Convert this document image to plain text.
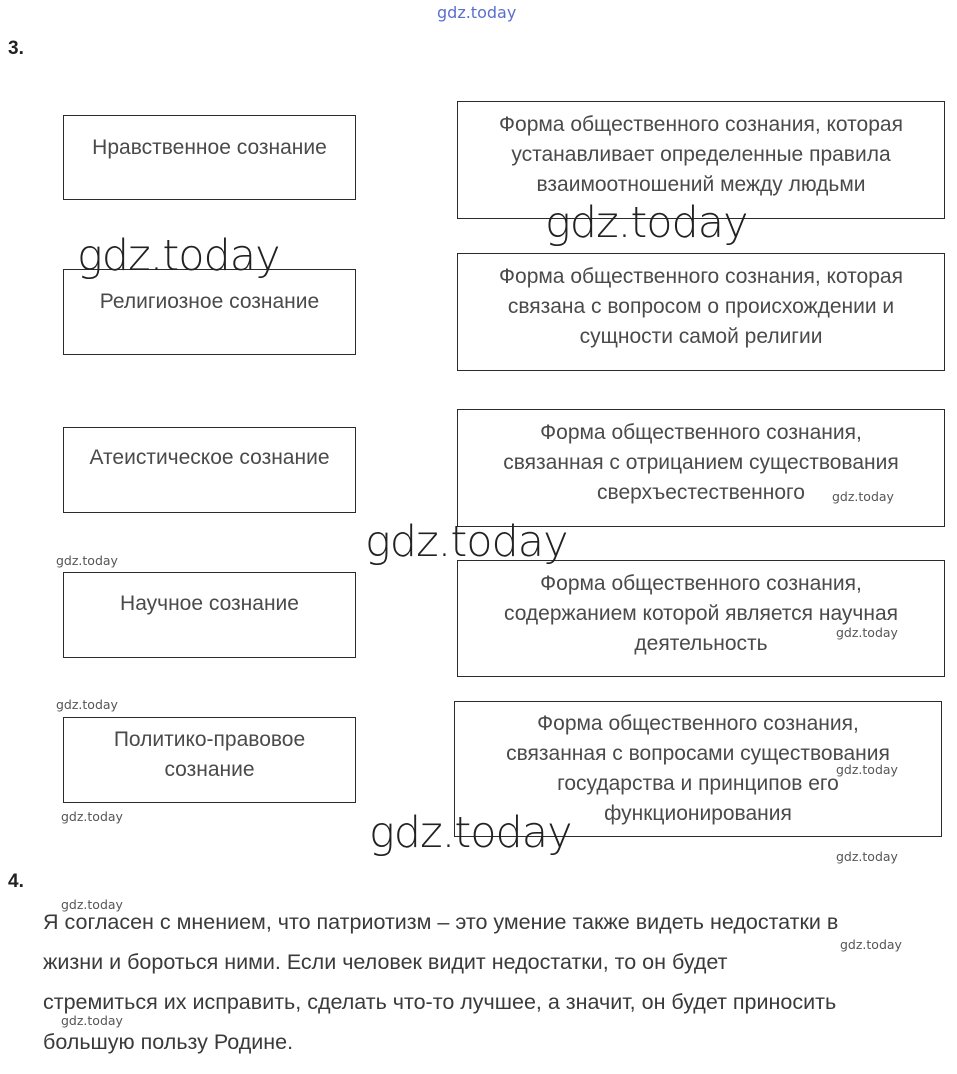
gdz.today
3.
Нравственное сознание
Религиозное сознание
Атеистическое сознание
Научное сознание
Политико-правовое
сознание
Форма общественного сознания, которая
устанавливает определенные правила
взаимоотношений между людьми
Форма общественного сознания, которая
связана с вопросом о происхождении и
сущности самой религии
Форма общественного сознания,
связанная с отрицанием существования
сверхъестественного
Форма общественного сознания,
содержанием которой является научная
деятельность
Форма общественного сознания,
связанная с вопросами существования
государства и принципов его
функционирования
gdz.today
gdz.today
gdz.today
gdz.today
gdz.today
gdz.today
gdz.today
gdz.today
gdz.today
gdz.today
gdz.today
gdz.today
gdz.today
gdz.today
4.
Я согласен с мнением, что патриотизм – это умение также видеть недостатки в
жизни и бороться ними. Если человек видит недостатки, то он будет
стремиться их исправить, сделать что-то лучшее, а значит, он будет приносить
большую пользу Родине.
